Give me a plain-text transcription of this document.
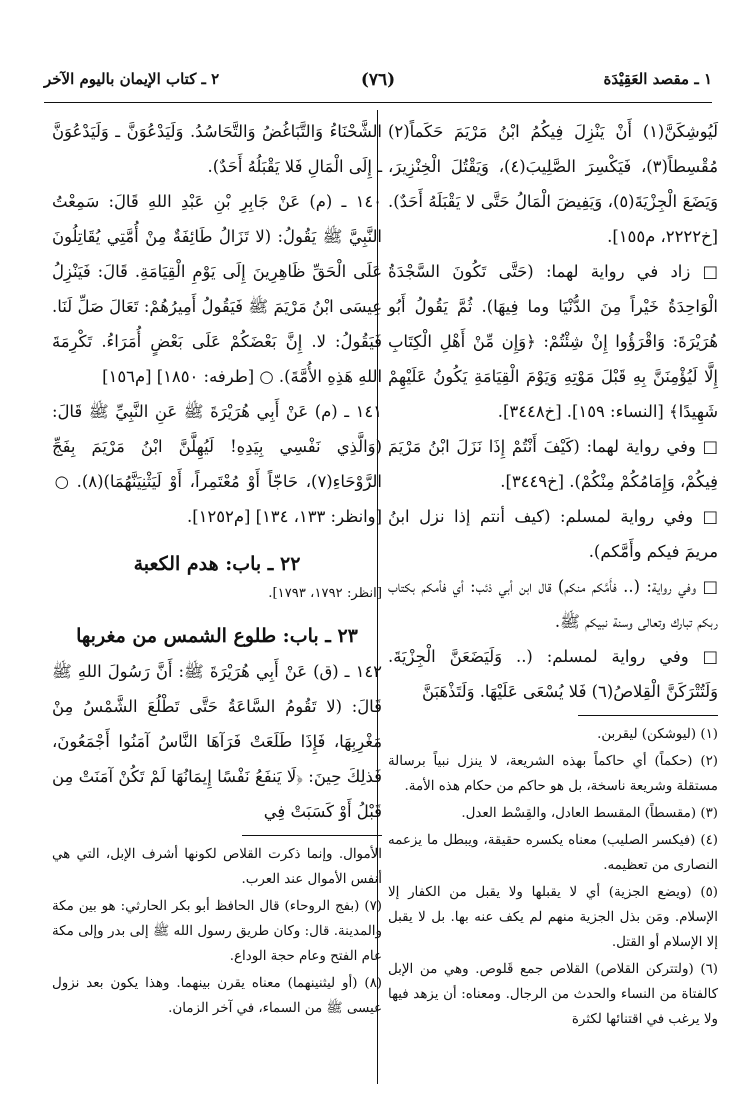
١ ـ مقصد العَقِيْدَة
(٧٦)
٢ ـ كتاب الإيمان باليوم الآخر

لَيُوشِكَنَّ(١) أَنْ يَنْزِلَ فِيكُمُ ابْنُ مَرْيَمَ حَكَماً(٢) مُقْسِطاً(٣)، فَيَكْسِرَ الصَّلِيبَ(٤)، وَيَقْتُلَ الْخِنْزِيرَ، وَيَضَعَ الْجِزْيَةَ(٥)، وَيَفِيضَ الْمَالُ حَتَّى لا يَقْبَلَهُ أَحَدٌ). [خ٢٢٢٢، م١٥٥].

□ زاد في رواية لهما: (حَتَّى تَكُونَ السَّجْدَةُ الْوَاحِدَةُ خَيْراً مِنَ الدُّنْيَا وما فِيهَا). ثُمَّ يَقُولُ أَبُو هُرَيْرَةَ: وَاقْرَؤُوا إِنْ شِئْتُمْ: ﴿وَإِن مِّنْ أَهْلِ الْكِتَابِ إِلَّا لَيُؤْمِنَنَّ بِهِ قَبْلَ مَوْتِهِ وَيَوْمَ الْقِيَامَةِ يَكُونُ عَلَيْهِمْ شَهِيدًا﴾ [النساء: ١٥٩]. [خ٣٤٤٨].

□ وفي رواية لهما: (كَيْفَ أَنْتُمْ إِذَا نَزَلَ ابْنُ مَرْيَمَ فِيكُمْ، وَإِمَامُكُمْ مِنْكُمْ). [خ٣٤٤٩].

□ وفي رواية لمسلم: (كيف أنتم إذا نزل ابنُ مريمَ فيكم وأَمَّكم).

□ وفي رواية: (.. فأَمَّكم منكم) قال ابن أبي ذئب: أي فأمكم بكتاب ربكم تبارك وتعالى وسنة نبيكم ﷺ.

□ وفي رواية لمسلم: (.. وَلَيَضَعَنَّ الْجِزْيَةَ. وَلَتُتْرَكَنَّ الْقِلاصُ(٦) فَلا يُسْعَى عَلَيْهَا. وَلَتَذْهَبَنَّ

(١) (ليوشكن) ليقربن.

(٢) (حكماً) أي حاكماً بهذه الشريعة، لا ينزل نبياً برسالة مستقلة وشريعة ناسخة، بل هو حاكم من حكام هذه الأمة.

(٣) (مقسطاً) المقسط العادل، والقِسْط العدل.

(٤) (فيكسر الصليب) معناه يكسره حقيقة، ويبطل ما يزعمه النصارى من تعظيمه.

(٥) (ويضع الجزية) أي لا يقبلها ولا يقبل من الكفار إلا الإسلام. ومَن بذل الجزية منهم لم يكف عنه بها. بل لا يقبل إلا الإسلام أو القتل.

(٦) (ولتتركن القلاص) القلاص جمع قَلوص. وهي من الإبل كالفتاة من النساء والحدث من الرجال. ومعناه: أن يزهد فيها ولا يرغب في اقتنائها لكثرة

الشَّحْنَاءُ وَالتَّبَاغُضُ وَالتَّحَاسُدُ. وَلَيَدْعُوَنَّ ـ وَلَيَدْعُوَنَّ ـ إِلَى الْمَالِ فَلا يَقْبَلُهُ أَحَدٌ).

١٤٠ ـ (م) عَنْ جَابِرِ بْنِ عَبْدِ اللهِ قَالَ: سَمِعْتُ النَّبِيَّ ﷺ يَقُولُ: (لا تَزَالُ طَائِفَةٌ مِنْ أُمَّتِي يُقَاتِلُونَ عَلَى الْحَقِّ ظَاهِرِينَ إِلَى يَوْمِ الْقِيَامَةِ. قَالَ: فَيَنْزِلُ عِيسَى ابْنُ مَرْيَمَ ﷺ فَيَقُولُ أَمِيرُهُمْ: تَعَالَ صَلِّ لَنَا. فَيَقُولُ: لا. إِنَّ بَعْضَكُمْ عَلَى بَعْضٍ أُمَرَاءُ. تَكْرِمَةَ اللهِ هَذِهِ الأُمَّةَ). ○ [طرفه: ١٨٥٠] [م١٥٦]

١٤١ ـ (م) عَنْ أَبِي هُرَيْرَةَ ﷺ عَنِ النَّبِيِّ ﷺ قَالَ: (وَالَّذِي نَفْسِي بِيَدِهِ! لَيُهِلَّنَّ ابْنُ مَرْيَمَ بِفَجِّ الرَّوْحَاءِ(٧)، حَاجّاً أَوْ مُعْتَمِراً، أَوْ لَيَثْنِيَنَّهُمَا)(٨). ○ [وانظر: ١٣٣، ١٣٤] [م١٢٥٢].

٢٢ ـ باب: هدم الكعبة

[انظر: ١٧٩٢، ١٧٩٣].

٢٣ ـ باب: طلوع الشمس من مغربها

١٤٢ ـ (ق) عَنْ أَبِي هُرَيْرَةَ ﷺ: أَنَّ رَسُولَ اللهِ ﷺ قَالَ: (لا تَقُومُ السَّاعَةُ حَتَّى تَطْلُعَ الشَّمْسُ مِنْ مَغْرِبِهَا، فَإِذَا طَلَعَتْ فَرَآهَا النَّاسُ آمَنُوا أَجْمَعُونَ، فَذلِكَ حِينَ: ﴿لَا يَنفَعُ نَفْسًا إِيمَانُهَا لَمْ تَكُنْ آمَنَتْ مِن قَبْلُ أَوْ كَسَبَتْ فِي

الأموال. وإنما ذكرت القلاص لكونها أشرف الإبل، التي هي أنفس الأموال عند العرب.

(٧) (بفج الروحاء) قال الحافظ أبو بكر الحارثي: هو بين مكة والمدينة. قال: وكان طريق رسول الله ﷺ إلى بدر وإلى مكة عام الفتح وعام حجة الوداع.

(٨) (أو ليثنينهما) معناه يقرن بينهما. وهذا يكون بعد نزول عيسى ﷺ من السماء، في آخر الزمان.
